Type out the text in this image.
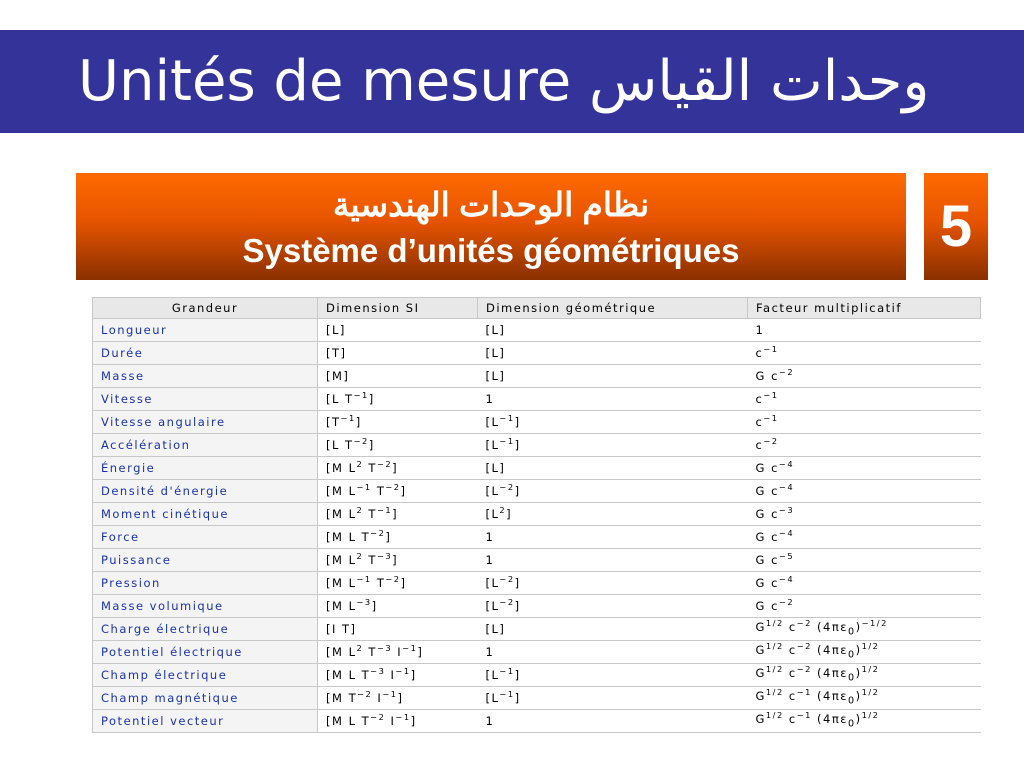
Unités de mesure وحدات القياس
نظام الوحدات الهندسية
Système d’unités géométriques	5
Grandeur	Dimension SI	Dimension géométrique	Facteur multiplicatif
Longueur	[L]	[L]	1
Durée	[T]	[L]	$c^{-1}$
Masse	[M]	[L]	G $c^{-2}$
Vitesse	[L $T^{-1}$]	1	$c^{-1}$
Vitesse angulaire	$[T^{-1}]$	$[L^{-1}]$	$c^{-1}$
Accélération	[L $T^{-2}$]	$[L^{-1}]$	$c^{-2}$
Énergie	[M $L^2$ $T^{-2}$]	[L]	G $c^{-4}$
Densité d'énergie	[M $L^{-1}$ $T^{-2}$]	$[L^{-2}]$	G $c^{-4}$
Moment cinétique	[M $L^2$ $T^{-1}$]	$[L^2]$	G $c^{-3}$
Force	[M L $T^{-2}$]	1	G $c^{-4}$
Puissance	[M $L^2$ $T^{-3}$]	1	G $c^{-5}$
Pression	[M $L^{-1}$ $T^{-2}$]	$[L^{-2}]$	G $c^{-4}$
Masse volumique	[M $L^{-3}$]	$[L^{-2}]$	G $c^{-2}$
Charge électrique	[I T]	[L]	$G^{1/2}$ $c^{-2}$ $(4\pi\varepsilon_0)^{-1/2}$
Potentiel électrique	[M $L^2$ $T^{-3}$ $I^{-1}$]	1	$G^{1/2}$ $c^{-2}$ $(4\pi\varepsilon_0)^{1/2}$
Champ électrique	[M L $T^{-3}$ $I^{-1}$]	$[L^{-1}]$	$G^{1/2}$ $c^{-2}$ $(4\pi\varepsilon_0)^{1/2}$
Champ magnétique	[M $T^{-2}$ $I^{-1}$]	$[L^{-1}]$	$G^{1/2}$ $c^{-1}$ $(4\pi\varepsilon_0)^{1/2}$
Potentiel vecteur	[M L $T^{-2}$ $I^{-1}$]	1	$G^{1/2}$ $c^{-1}$ $(4\pi\varepsilon_0)^{1/2}$
